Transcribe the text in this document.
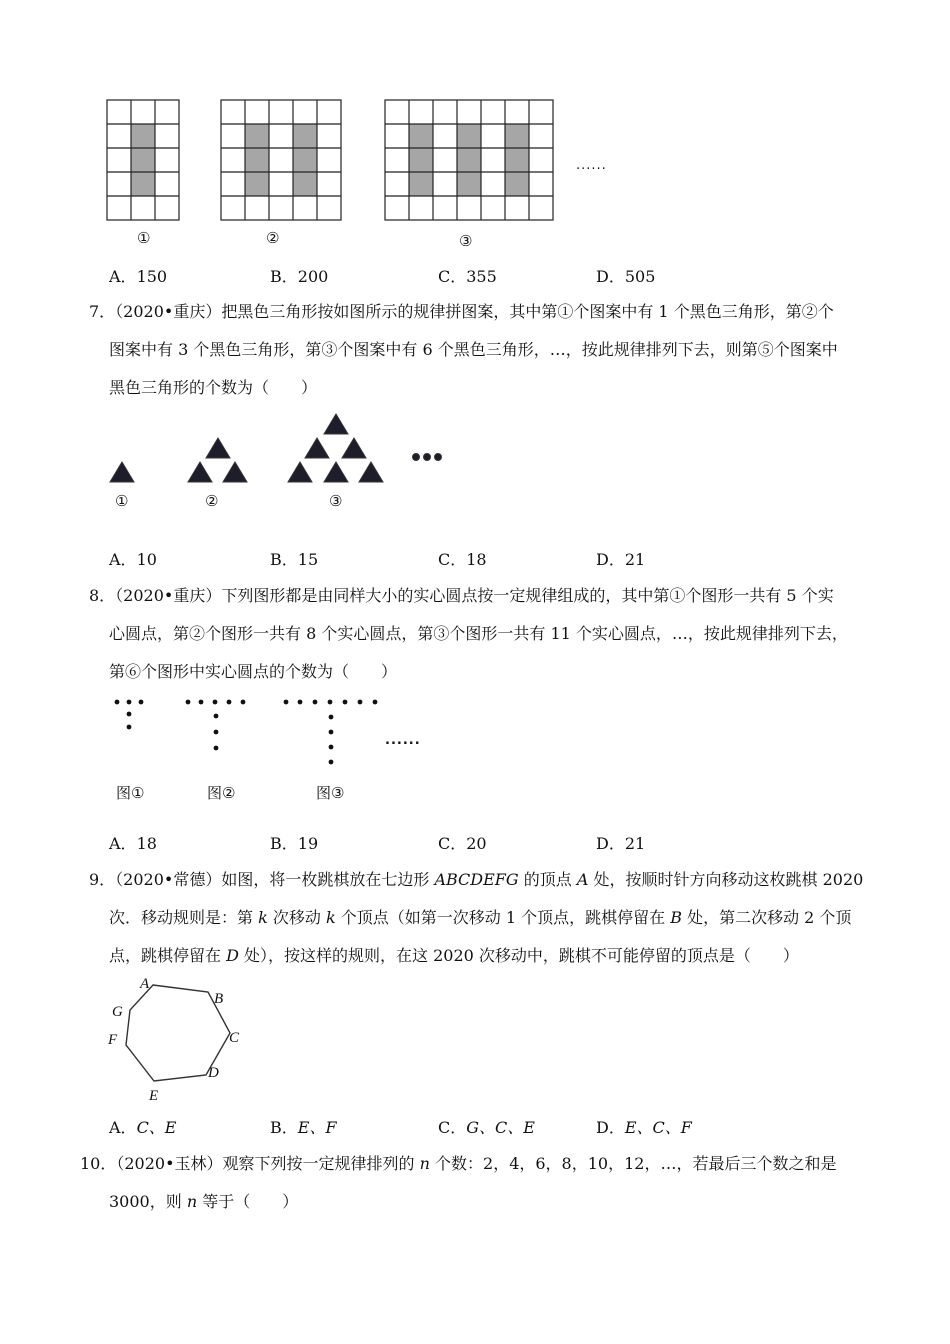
①	②	③
......
A．150	B．200	C．355	D．505
7．（2020•重庆）把黑色三角形按如图所示的规律拼图案，其中第①个图案中有 1 个黑色三角形，第②个
图案中有 3 个黑色三角形，第③个图案中有 6 个黑色三角形，…，按此规律排列下去，则第⑤个图案中
黑色三角形的个数为（　　）
①	②	③
A．10	B．15	C．18	D．21
8．（2020•重庆）下列图形都是由同样大小的实心圆点按一定规律组成的，其中第①个图形一共有 5 个实
心圆点，第②个图形一共有 8 个实心圆点，第③个图形一共有 11 个实心圆点，…，按此规律排列下去，
第⑥个图形中实心圆点的个数为（　　）
......
图①	图②	图③
A．18	B．19	C．20	D．21
9．（2020•常德）如图，将一枚跳棋放在七边形 ABCDEFG 的顶点 A 处，按顺时针方向移动这枚跳棋 2020
次．移动规则是：第 k 次移动 k 个顶点（如第一次移动 1 个顶点，跳棋停留在 B 处，第二次移动 2 个顶
点，跳棋停留在 D 处），按这样的规则，在这 2020 次移动中，跳棋不可能停留的顶点是（　　）
A
B
C
D
E
F
G
A．C、E	B．E、F	C．G、C、E	D．E、C、F
10．（2020•玉林）观察下列按一定规律排列的 n 个数：2，4，6，8，10，12，…，若最后三个数之和是
3000，则 n 等于（　　）
